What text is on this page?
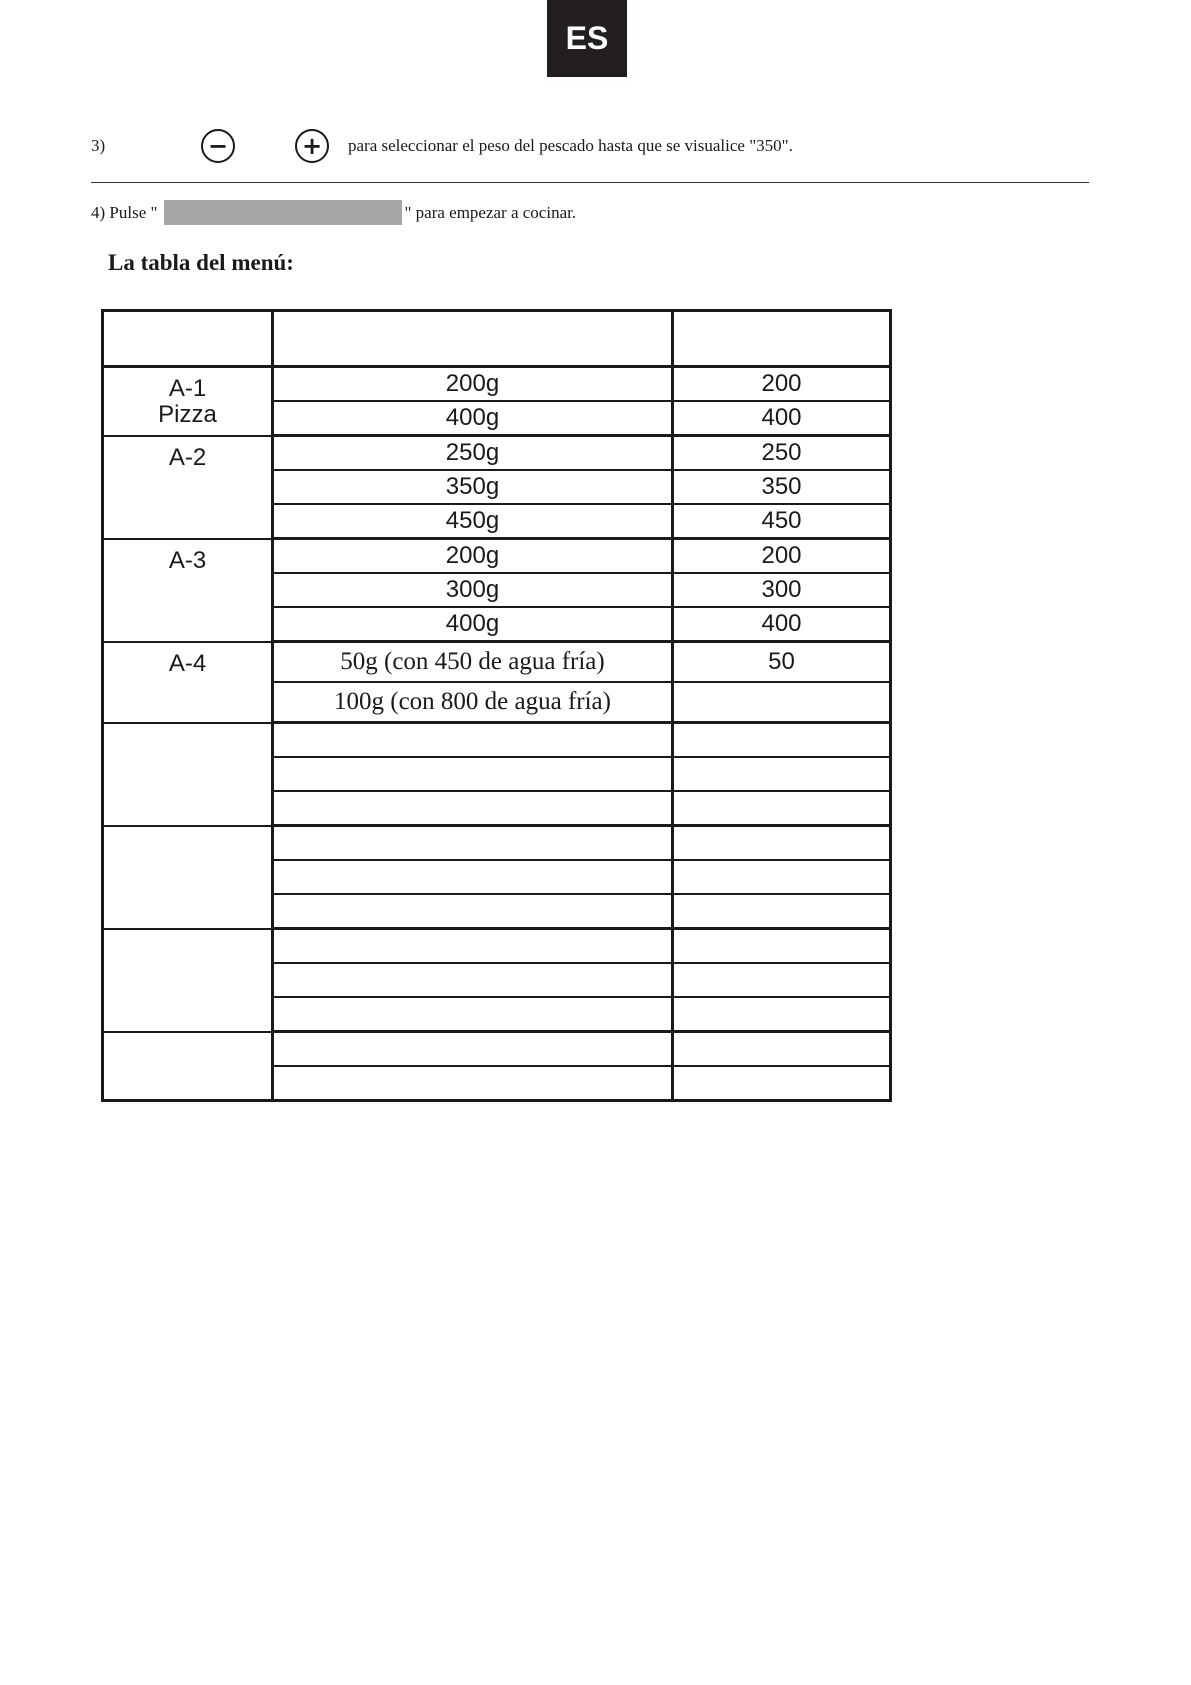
ES
3)	−	+	para seleccionar el peso del pescado hasta que se visualice "350".
4) Pulse "	" para empezar a cocinar.
La tabla del menú:

A-1
Pizza	200g	200
	400g	400
A-2	250g	250
	350g	350
	450g	450
A-3	200g	200
	300g	300
	400g	400
A-4	50g (con 450 de agua fría)	50
	100g (con 800 de agua fría)	
